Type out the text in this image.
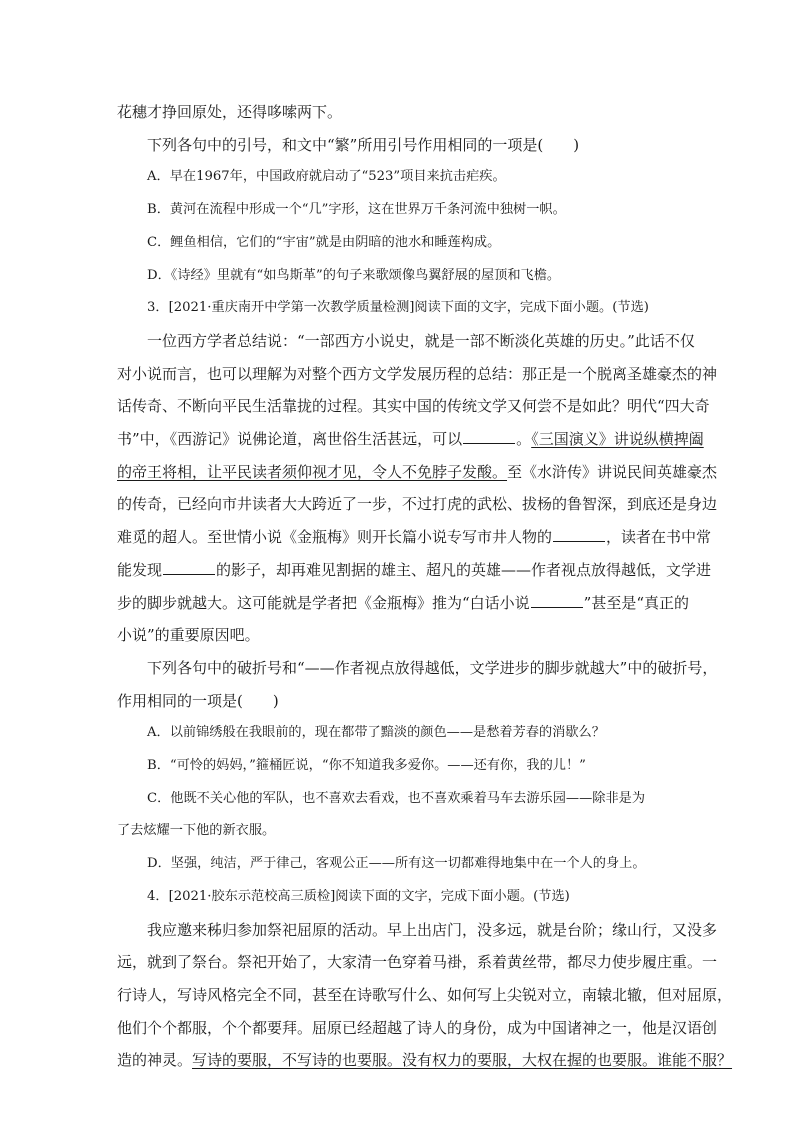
花穗才挣回原处，还得哆嗦两下。

下列各句中的引号，和文中“繁”所用引号作用相同的一项是(　　)

A．早在1967年，中国政府就启动了“523”项目来抗击疟疾。

B．黄河在流程中形成一个“几”字形，这在世界万千条河流中独树一帜。

C．鲤鱼相信，它们的“宇宙”就是由阴暗的池水和睡莲构成。

D．《诗经》里就有“如鸟斯革”的句子来歌颂像鸟翼舒展的屋顶和飞檐。

3．[2021·重庆南开中学第一次教学质量检测]阅读下面的文字，完成下面小题。(节选)

一位西方学者总结说：“一部西方小说史，就是一部不断淡化英雄的历史。”此话不仅

对小说而言，也可以理解为对整个西方文学发展历程的总结：那正是一个脱离圣雄豪杰的神

话传奇、不断向平民生活靠拢的过程。其实中国的传统文学又何尝不是如此？明代“四大奇

书”中，《西游记》说佛论道，离世俗生活甚远，可以	。《三国演义》讲说纵横捭阖

的帝王将相，让平民读者须仰视才见，令人不免脖子发酸。至《水浒传》讲说民间英雄豪杰

的传奇，已经向市井读者大大跨近了一步，不过打虎的武松、拔杨的鲁智深，到底还是身边

难觅的超人。至世情小说《金瓶梅》则开长篇小说专写市井人物的	，读者在书中常

能发现	的影子，却再难见割据的雄主、超凡的英雄——作者视点放得越低，文学进

步的脚步就越大。这可能就是学者把《金瓶梅》推为“白话小说	”甚至是“真正的

小说”的重要原因吧。

下列各句中的破折号和“——作者视点放得越低，文学进步的脚步就越大”中的破折号，

作用相同的一项是(　　)

A．以前锦绣般在我眼前的，现在都带了黯淡的颜色——是愁着芳春的消歇么？

B．“可怜的妈妈，”箍桶匠说，“你不知道我多爱你。——还有你，我的儿！”

C．他既不关心他的军队，也不喜欢去看戏，也不喜欢乘着马车去游乐园——除非是为

了去炫耀一下他的新衣服。

D．坚强，纯洁，严于律己，客观公正——所有这一切都难得地集中在一个人的身上。

4．[2021·胶东示范校高三质检]阅读下面的文字，完成下面小题。(节选)

我应邀来秭归参加祭祀屈原的活动。早上出店门，没多远，就是台阶；缘山行，又没多

远，就到了祭台。祭祀开始了，大家清一色穿着马褂，系着黄丝带，都尽力使步履庄重。一

行诗人，写诗风格完全不同，甚至在诗歌写什么、如何写上尖锐对立，南辕北辙，但对屈原，

他们个个都服，个个都要拜。屈原已经超越了诗人的身份，成为中国诸神之一，他是汉语创

造的神灵。写诗的要服，不写诗的也要服。没有权力的要服，大权在握的也要服。谁能不服？
